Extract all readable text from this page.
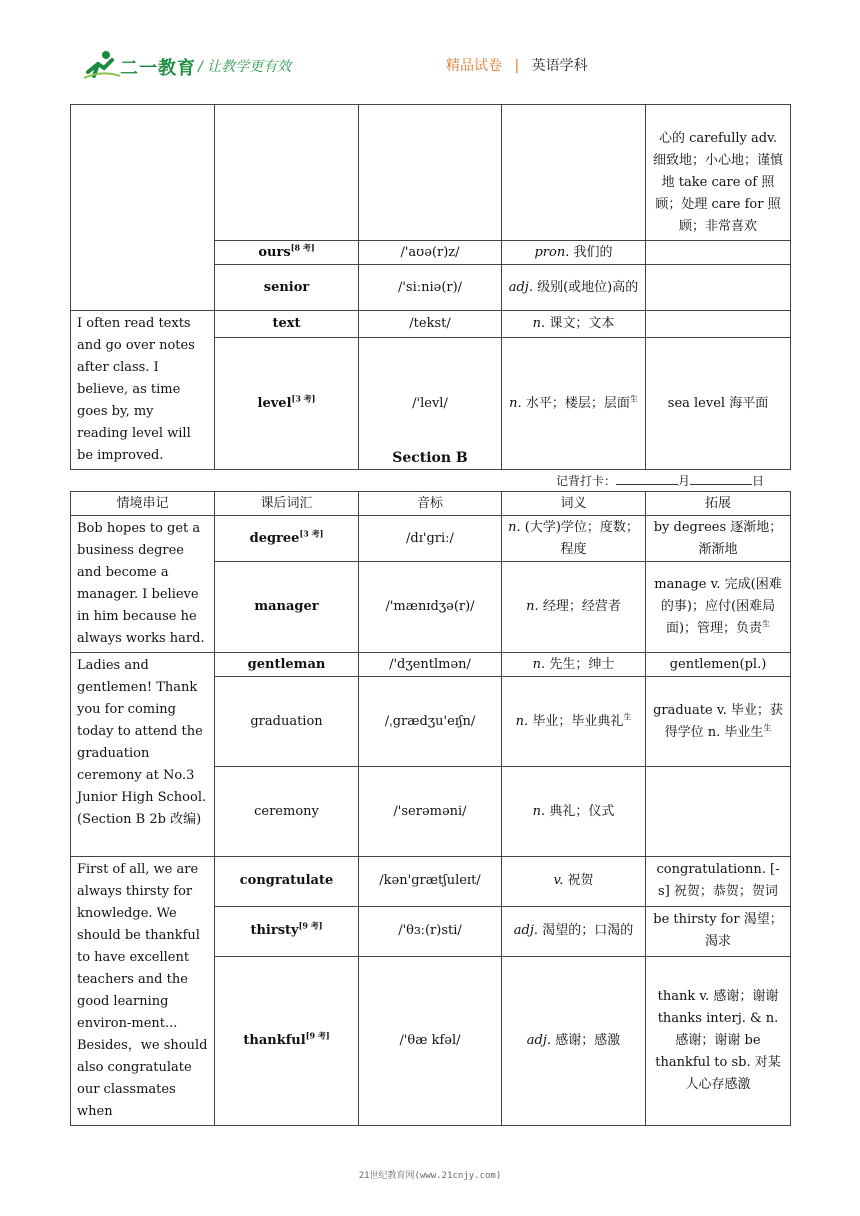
二一教育 / 让教学更有效	精品试卷 | 英语学科
				心的 carefully adv.
细致地；小心地；谨慎地 take care of 照顾；处理 care for 照顾；非常喜欢
	ours[8 考]	/'aʊə(r)z/	pron. 我们的	
	senior	/'siːniə(r)/	adj. 级别(或地位)高的	
I often read texts and go over notes after class. I believe, as time goes by, my reading level will be improved.	text	/tekst/	n. 课文；文本	
	level[3 考]	/'levl/	n. 水平；楼层；层面$^生$	sea level 海平面
Section B
记背打卡：	月	日
情境串记	课后词汇	音标	词义	拓展
Bob hopes to get a business degree and become a manager. I believe in him because he always works hard.	degree[3 考]	/dɪ'griː/	n. (大学)学位；度数；程度	by degrees 逐渐地；渐渐地
	manager	/'mænɪdʒə(r)/	n. 经理；经营者	manage v. 完成(困难的事)；应付(困难局面)；管理；负责$^生$
Ladies and gentlemen! Thank you for coming today to attend the graduation ceremony at No.3 Junior High School.(Section B 2b 改编)	gentleman	/'dʒentlmən/	n. 先生；绅士	gentlemen(pl.)
	graduation	/ˌgrædʒu'eɪʃn/	n. 毕业；毕业典礼$^生$	graduate v. 毕业；获得学位 n. 毕业生$^生$
	ceremony	/'serəməni/	n. 典礼；仪式	
First of all, we are always thirsty for knowledge. We should be thankful to have excellent teachers and the good learning environ-ment... Besides，we should also congratulate our classmates when	congratulate	/kən'grætʃuleɪt/	v. 祝贺	congratulationn. [-s] 祝贺；恭贺；贺词
	thirsty[9 考]	/'θɜː(r)sti/	adj. 渴望的；口渴的	be thirsty for 渴望；渴求
	thankful[9 考]	/'θæ kfəl/	adj. 感谢；感激	thank v. 感谢；谢谢 thanks interj. & n. 感谢；谢谢 be thankful to sb. 对某人心存感激
21世纪教育网(www.21cnjy.com)
